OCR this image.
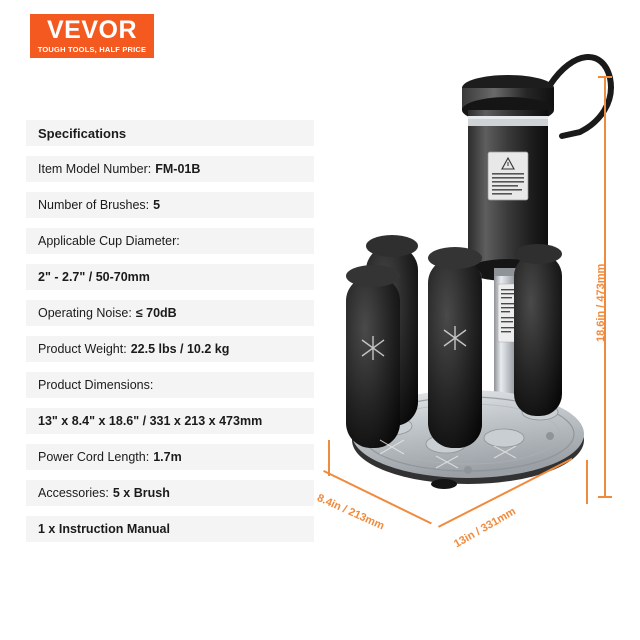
VEVOR
TOUGH TOOLS, HALF PRICE
Specifications
Item Model Number: FM-01B
Number of Brushes: 5
Applicable Cup Diameter:
2" - 2.7" / 50-70mm
Operating Noise: ≤ 70dB
Product Weight: 22.5 lbs / 10.2 kg
Product Dimensions:
13" x 8.4" x 18.6" / 331 x 213 x 473mm
Power Cord Length: 1.7m
Accessories: 5 x Brush
1 x Instruction Manual
18.6in / 473mm
8.4in / 213mm	13in / 331mm
